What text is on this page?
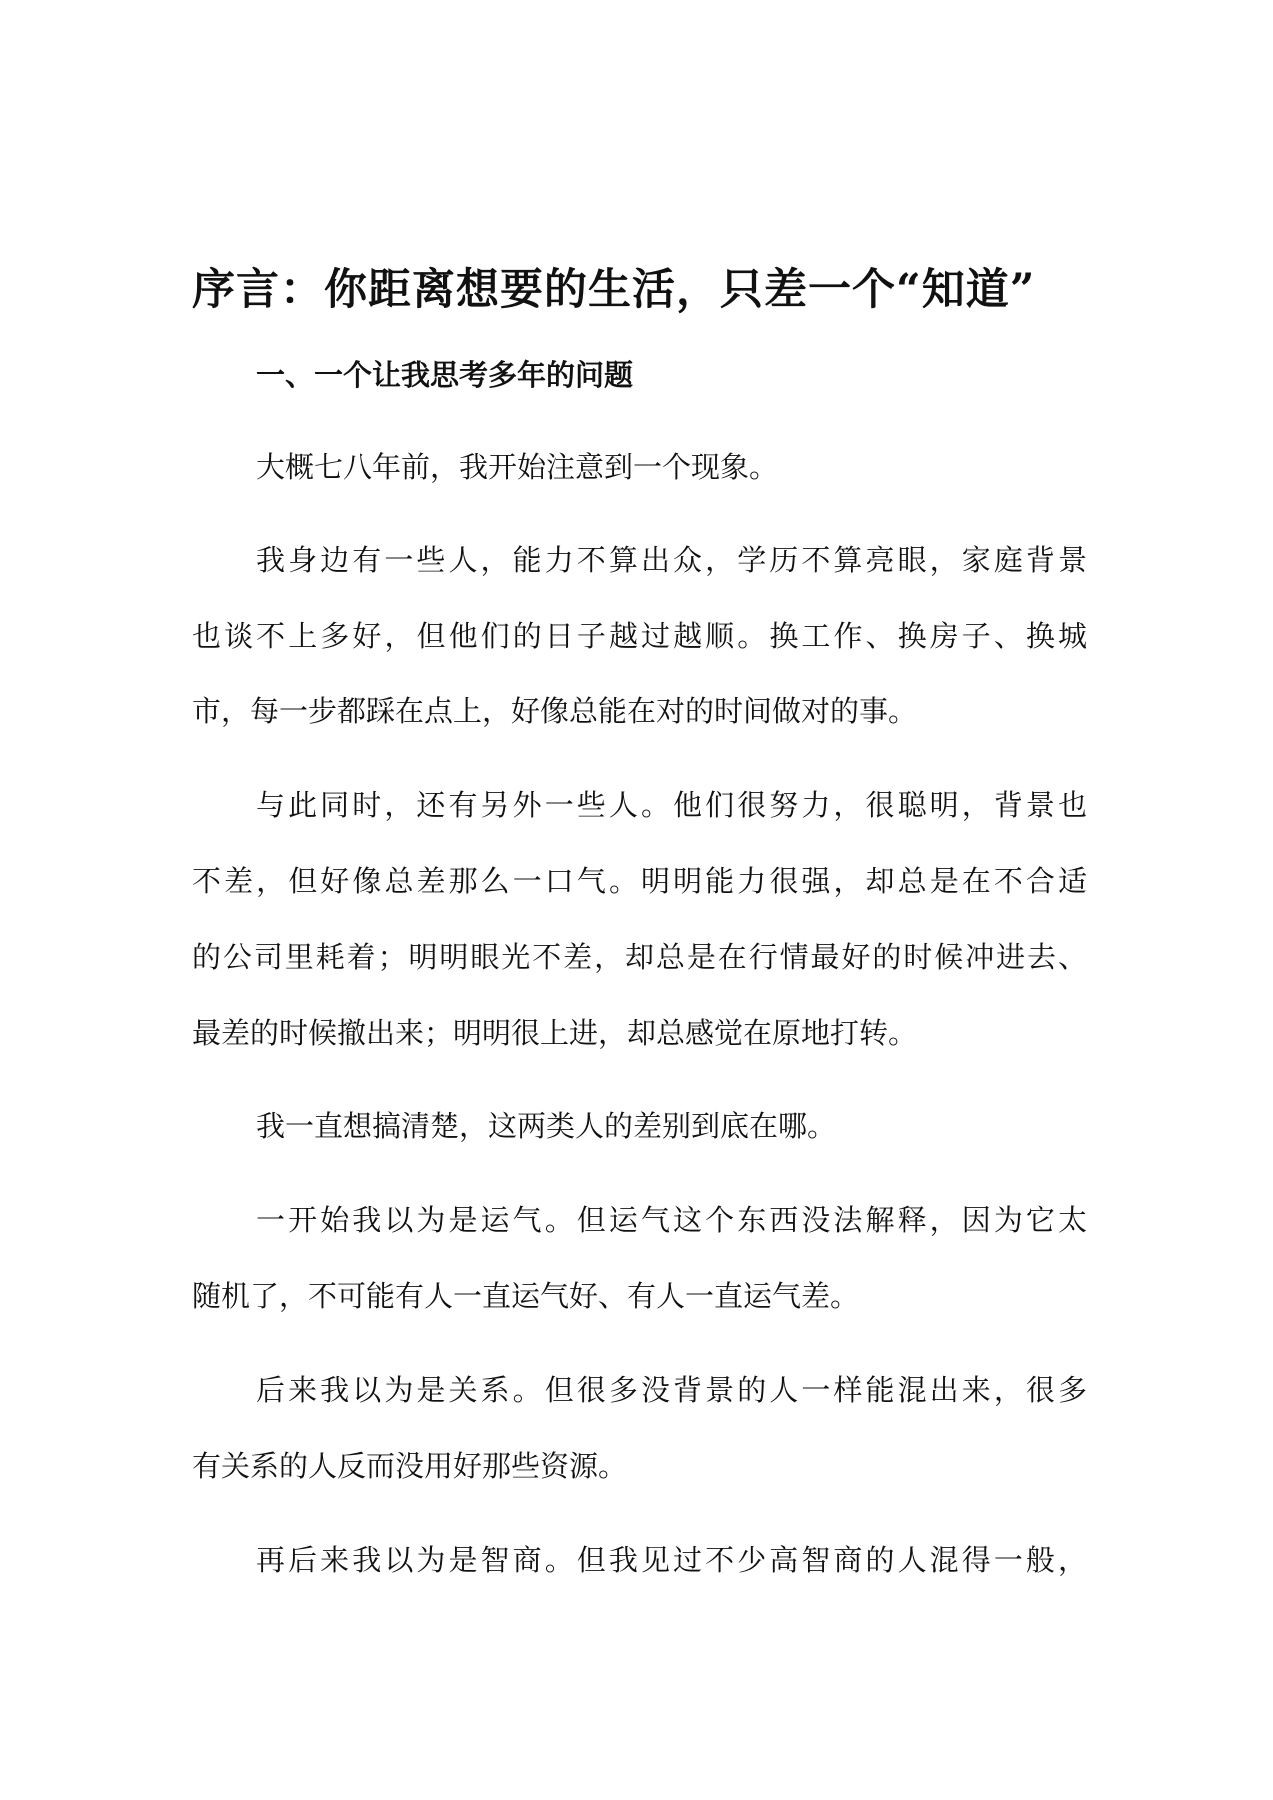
序言：你距离想要的生活，只差一个“知道”
一、一个让我思考多年的问题
大概七八年前，我开始注意到一个现象。
我身边有一些人，能力不算出众，学历不算亮眼，家庭背景
也谈不上多好，但他们的日子越过越顺。换工作、换房子、换城
市，每一步都踩在点上，好像总能在对的时间做对的事。
与此同时，还有另外一些人。他们很努力，很聪明，背景也
不差，但好像总差那么一口气。明明能力很强，却总是在不合适
的公司里耗着；明明眼光不差，却总是在行情最好的时候冲进去、
最差的时候撤出来；明明很上进，却总感觉在原地打转。
我一直想搞清楚，这两类人的差别到底在哪。
一开始我以为是运气。但运气这个东西没法解释，因为它太
随机了，不可能有人一直运气好、有人一直运气差。
后来我以为是关系。但很多没背景的人一样能混出来，很多
有关系的人反而没用好那些资源。
再后来我以为是智商。但我见过不少高智商的人混得一般，
